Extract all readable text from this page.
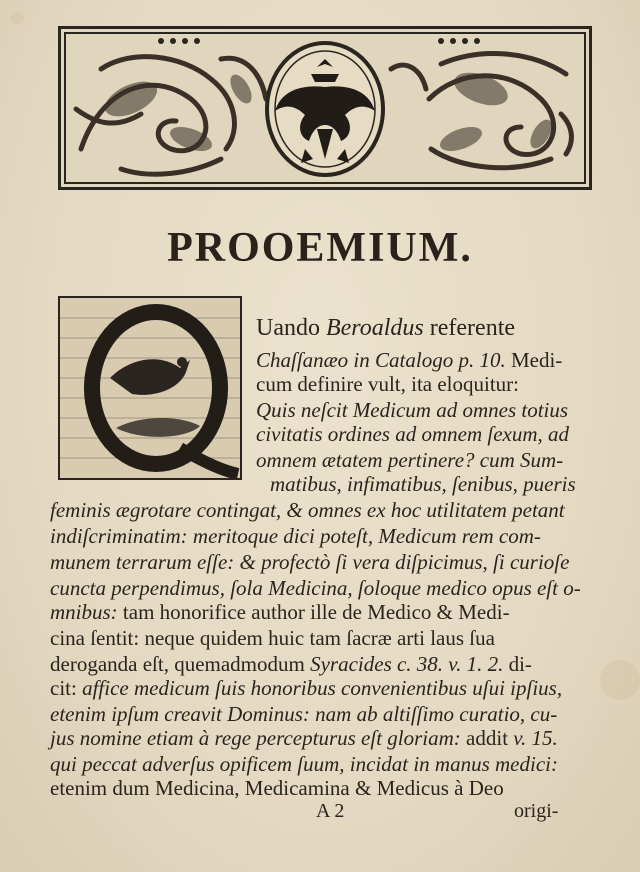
PROOEMIUM.
Uando Beroaldus referente
Chaſſanæo in Catalogo p. 10. Medi-
cum definire vult, ita eloquitur:
Quis neſcit Medicum ad omnes totius
civitatis ordines ad omnem ſexum, ad
omnem ætatem pertinere? cum Sum-
matibus, infimatibus, ſenibus, pueris
feminis ægrotare contingat, & omnes ex hoc utilitatem petant
indiſcriminatim: meritoque dici poteſt, Medicum rem com-
munem terrarum eſſe: & profectò ſi vera diſpicimus, ſi curioſe
cuncta perpendimus, ſola Medicina, ſoloque medico opus eſt o-
mnibus: tam honorifice author ille de Medico & Medi-
cina ſentit: neque quidem huic tam ſacræ arti laus ſua
deroganda eſt, quemadmodum Syracides c. 38. v. 1. 2. di-
cit: affice medicum ſuis honoribus convenientibus uſui ipſius,
etenim ipſum creavit Dominus: nam ab altiſſimo curatio, cu-
jus nomine etiam à rege percepturus eſt gloriam: addit v. 15.
qui peccat adverſus opificem ſuum, incidat in manus medici:
etenim dum Medicina, Medicamina & Medicus à Deo
A 2	origi-
